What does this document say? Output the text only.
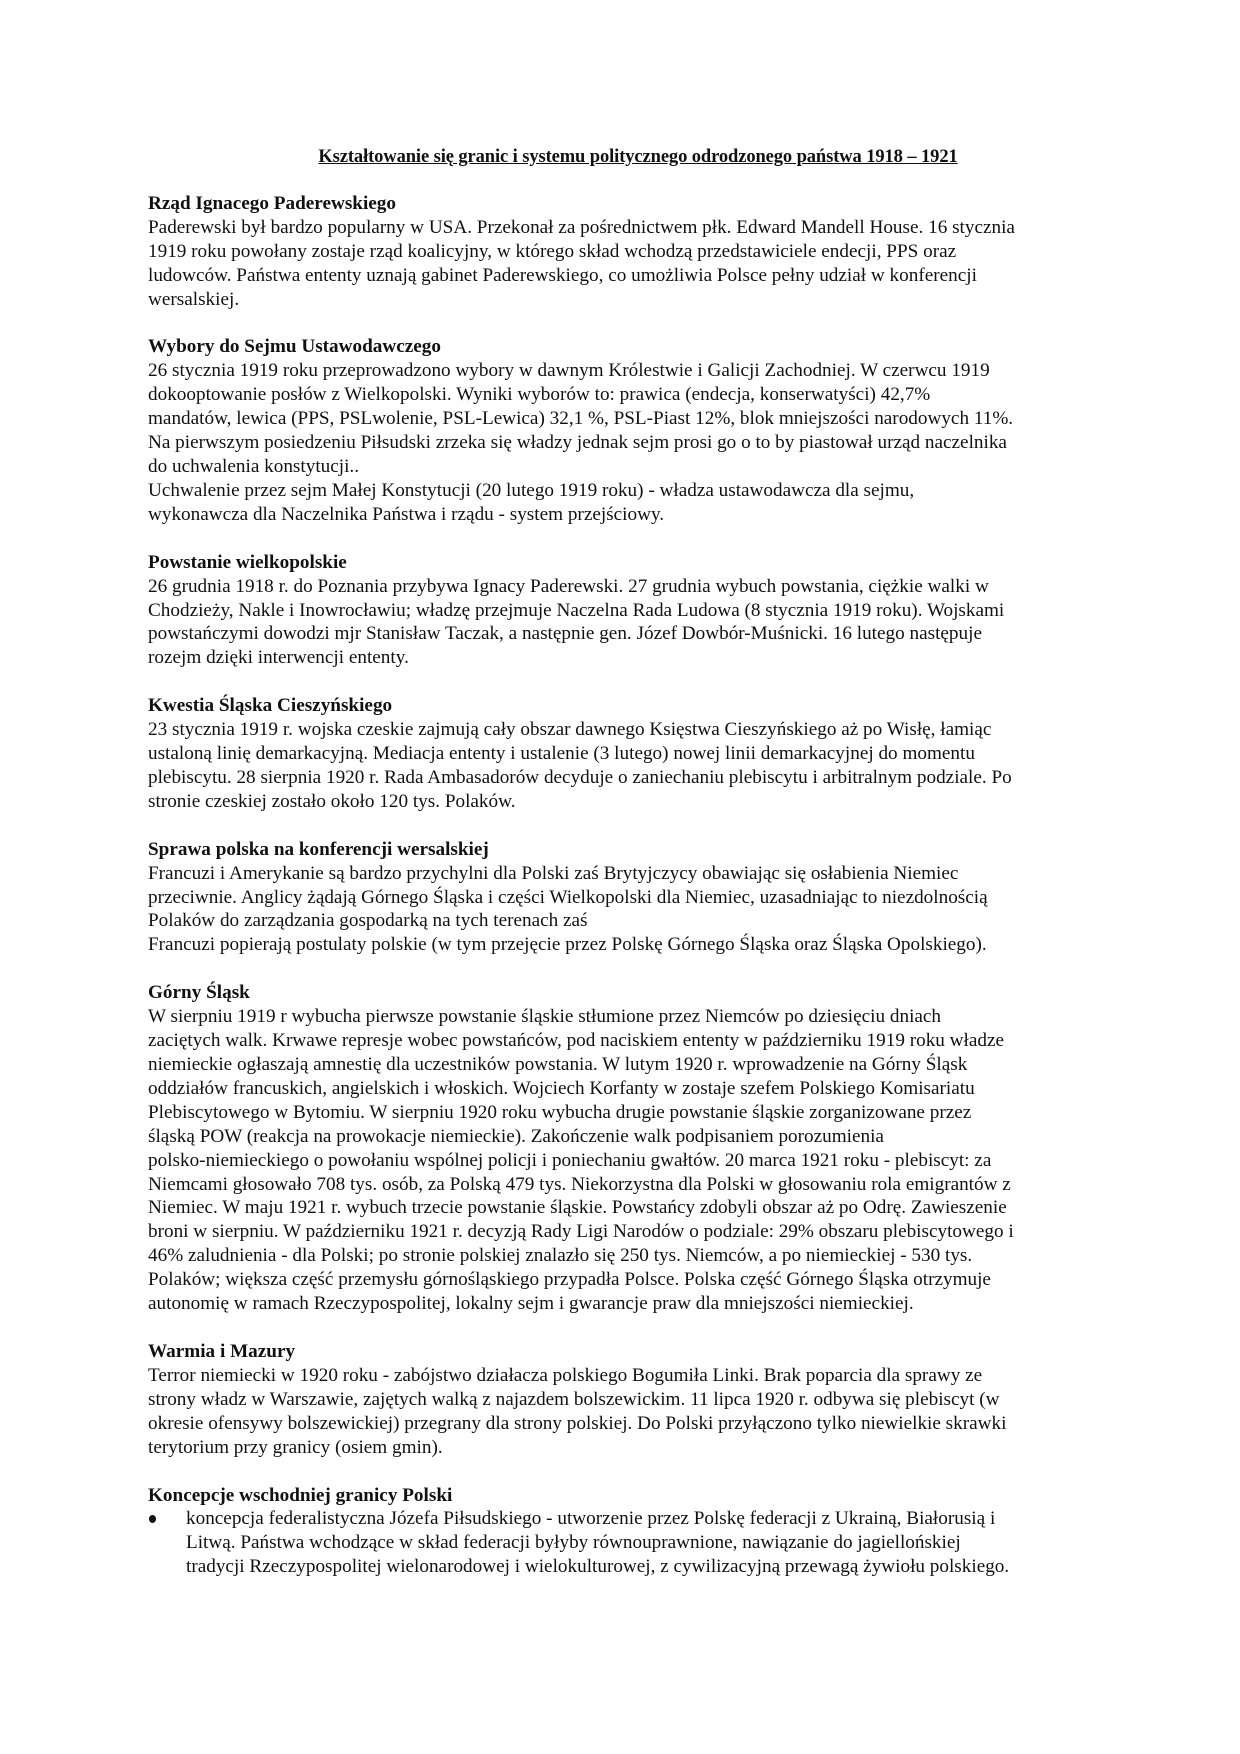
Kształtowanie się granic i systemu politycznego odrodzonego państwa 1918 – 1921
Rząd Ignacego Paderewskiego
Paderewski był bardzo popularny w USA. Przekonał za pośrednictwem płk. Edward Mandell House. 16 stycznia
1919 roku powołany zostaje rząd koalicyjny, w którego skład wchodzą przedstawiciele endecji, PPS oraz
ludowców. Państwa ententy uznają gabinet Paderewskiego, co umożliwia Polsce pełny udział w konferencji
wersalskiej.
Wybory do Sejmu Ustawodawczego
26 stycznia 1919 roku przeprowadzono wybory w dawnym Królestwie i Galicji Zachodniej. W czerwcu 1919
dokooptowanie posłów z Wielkopolski. Wyniki wyborów to: prawica (endecja, konserwatyści) 42,7%
mandatów, lewica (PPS, PSLwolenie, PSL-Lewica) 32,1 %, PSL-Piast 12%, blok mniejszości narodowych 11%.
Na pierwszym posiedzeniu Piłsudski zrzeka się władzy jednak sejm prosi go o to by piastował urząd naczelnika
do uchwalenia konstytucji..
Uchwalenie przez sejm Małej Konstytucji (20 lutego 1919 roku) - władza ustawodawcza dla sejmu,
wykonawcza dla Naczelnika Państwa i rządu - system przejściowy.
Powstanie wielkopolskie
26 grudnia 1918 r. do Poznania przybywa Ignacy Paderewski. 27 grudnia wybuch powstania, ciężkie walki w
Chodzieży, Nakle i Inowrocławiu; władzę przejmuje Naczelna Rada Ludowa (8 stycznia 1919 roku). Wojskami
powstańczymi dowodzi mjr Stanisław Taczak, a następnie gen. Józef Dowbór-Muśnicki. 16 lutego następuje
rozejm dzięki interwencji ententy.
Kwestia Śląska Cieszyńskiego
23 stycznia 1919 r. wojska czeskie zajmują cały obszar dawnego Księstwa Cieszyńskiego aż po Wisłę, łamiąc
ustaloną linię demarkacyjną. Mediacja ententy i ustalenie (3 lutego) nowej linii demarkacyjnej do momentu
plebiscytu. 28 sierpnia 1920 r. Rada Ambasadorów decyduje o zaniechaniu plebiscytu i arbitralnym podziale. Po
stronie czeskiej zostało około 120 tys. Polaków.
Sprawa polska na konferencji wersalskiej
Francuzi i Amerykanie są bardzo przychylni dla Polski zaś Brytyjczycy obawiając się osłabienia Niemiec
przeciwnie. Anglicy żądają Górnego Śląska i części Wielkopolski dla Niemiec, uzasadniając to niezdolnością
Polaków do zarządzania gospodarką na tych terenach zaś
Francuzi popierają postulaty polskie (w tym przejęcie przez Polskę Górnego Śląska oraz Śląska Opolskiego).
Górny Śląsk
W sierpniu 1919 r wybucha pierwsze powstanie śląskie stłumione przez Niemców po dziesięciu dniach
zaciętych walk. Krwawe represje wobec powstańców, pod naciskiem ententy w październiku 1919 roku władze
niemieckie ogłaszają amnestię dla uczestników powstania. W lutym 1920 r. wprowadzenie na Górny Śląsk
oddziałów francuskich, angielskich i włoskich. Wojciech Korfanty w zostaje szefem Polskiego Komisariatu
Plebiscytowego w Bytomiu. W sierpniu 1920 roku wybucha drugie powstanie śląskie zorganizowane przez
śląską POW (reakcja na prowokacje niemieckie). Zakończenie walk podpisaniem porozumienia
polsko-niemieckiego o powołaniu wspólnej policji i poniechaniu gwałtów. 20 marca 1921 roku - plebiscyt: za
Niemcami głosowało 708 tys. osób, za Polską 479 tys. Niekorzystna dla Polski w głosowaniu rola emigrantów z
Niemiec. W maju 1921 r. wybuch trzecie powstanie śląskie. Powstańcy zdobyli obszar aż po Odrę. Zawieszenie
broni w sierpniu. W październiku 1921 r. decyzją Rady Ligi Narodów o podziale: 29% obszaru plebiscytowego i
46% zaludnienia - dla Polski; po stronie polskiej znalazło się 250 tys. Niemców, a po niemieckiej - 530 tys.
Polaków; większa część przemysłu górnośląskiego przypadła Polsce. Polska część Górnego Śląska otrzymuje
autonomię w ramach Rzeczypospolitej, lokalny sejm i gwarancje praw dla mniejszości niemieckiej.
Warmia i Mazury
Terror niemiecki w 1920 roku - zabójstwo działacza polskiego Bogumiła Linki. Brak poparcia dla sprawy ze
strony władz w Warszawie, zajętych walką z najazdem bolszewickim. 11 lipca 1920 r. odbywa się plebiscyt (w
okresie ofensywy bolszewickiej) przegrany dla strony polskiej. Do Polski przyłączono tylko niewielkie skrawki
terytorium przy granicy (osiem gmin).
Koncepcje wschodniej granicy Polski
koncepcja federalistyczna Józefa Piłsudskiego - utworzenie przez Polskę federacji z Ukrainą, Białorusią i
Litwą. Państwa wchodzące w skład federacji byłyby równouprawnione, nawiązanie do jagiellońskiej
tradycji Rzeczypospolitej wielonarodowej i wielokulturowej, z cywilizacyjną przewagą żywiołu polskiego.
